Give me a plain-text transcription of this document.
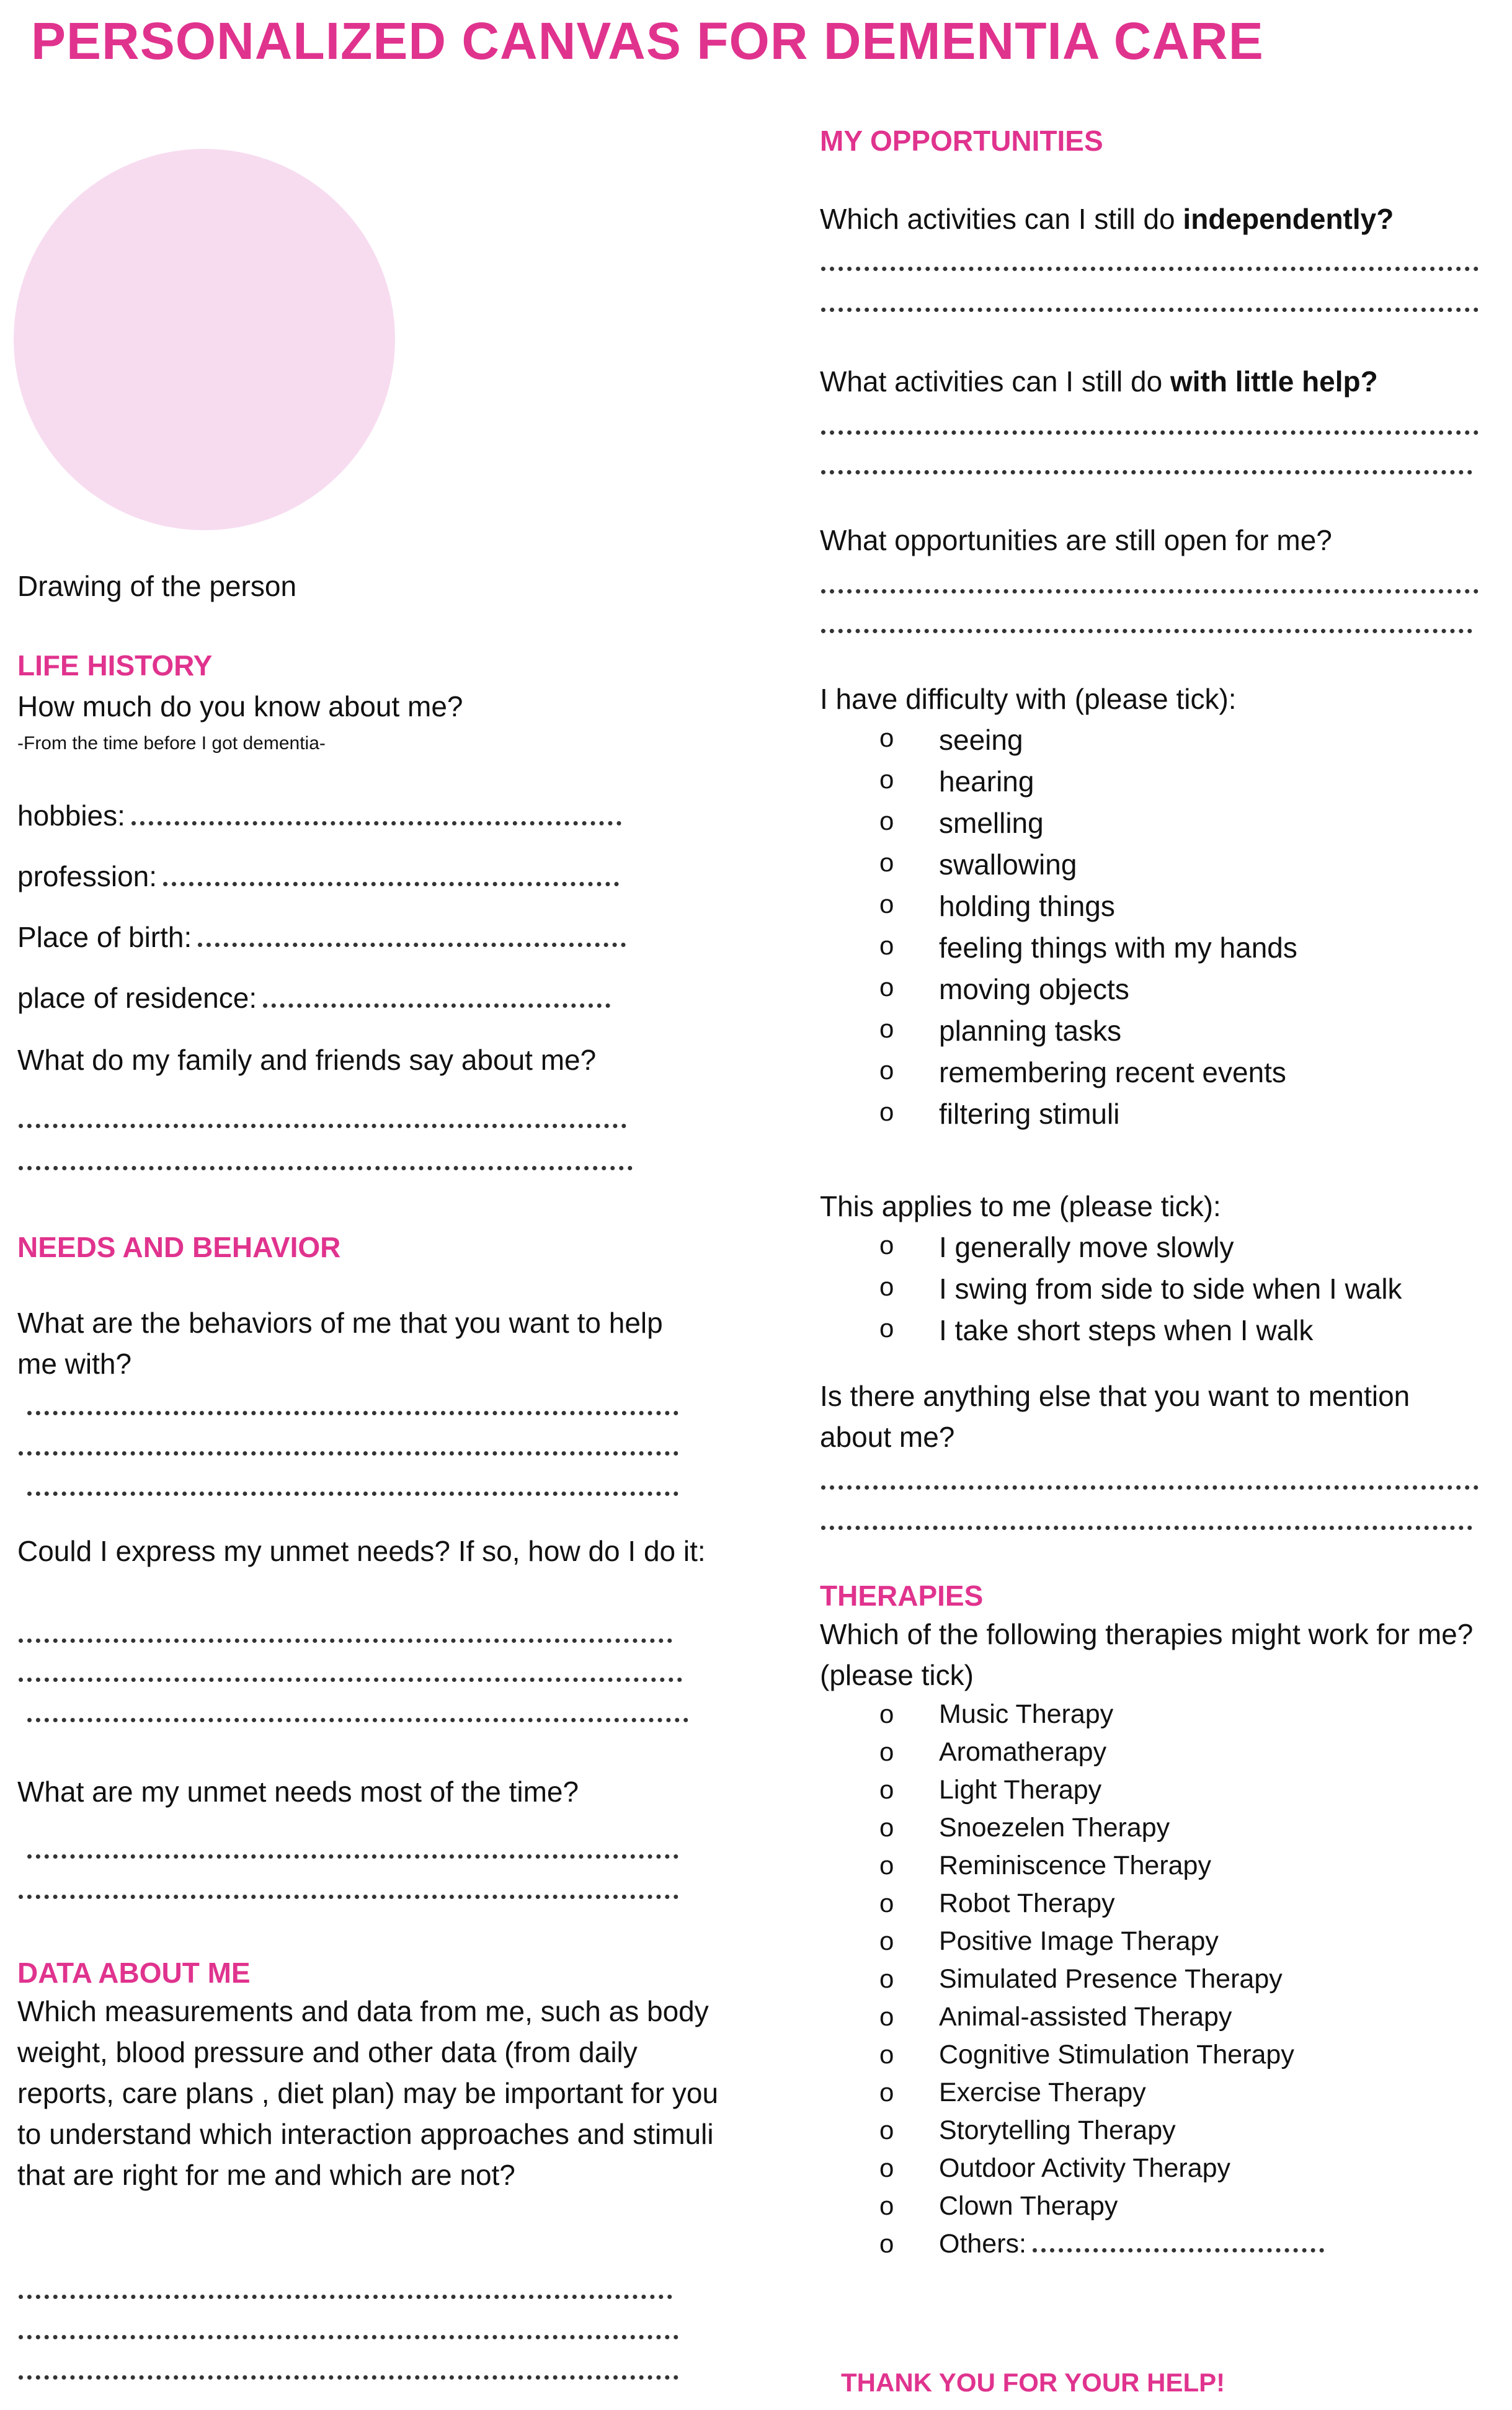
PERSONALIZED CANVAS FOR DEMENTIA CARE
Drawing of the person
LIFE HISTORY
How much do you know about me?
-From the time before I got dementia-
hobbies:
profession:
Place of birth:
place of residence:
What do my family and friends say about me?
NEEDS AND BEHAVIOR
What are the behaviors of me that you want to help me with?
Could I express my unmet needs? If so, how do I do it:
What are my unmet needs most of the time?
DATA ABOUT ME
Which measurements and data from me, such as body weight, blood pressure and other data (from daily reports, care plans , diet plan) may be important for you to understand which interaction approaches and stimuli that are right for me and which are not?
MY OPPORTUNITIES
Which activities can I still do independently?
What activities can I still do with little help?
What opportunities are still open for me?
I have difficulty with (please tick):
o seeing
o hearing
o smelling
o swallowing
o holding things
o feeling things with my hands
o moving objects
o planning tasks
o remembering recent events
o filtering stimuli
This applies to me (please tick):
o I generally move slowly
o I swing from side to side when I walk
o I take short steps when I walk
Is there anything else that you want to mention about me?
THERAPIES
Which of the following therapies might work for me? (please tick)
o Music Therapy
o Aromatherapy
o Light Therapy
o Snoezelen Therapy
o Reminiscence Therapy
o Robot Therapy
o Positive Image Therapy
o Simulated Presence Therapy
o Animal-assisted Therapy
o Cognitive Stimulation Therapy
o Exercise Therapy
o Storytelling Therapy
o Outdoor Activity Therapy
o Clown Therapy
o Others:
THANK YOU FOR YOUR HELP!
